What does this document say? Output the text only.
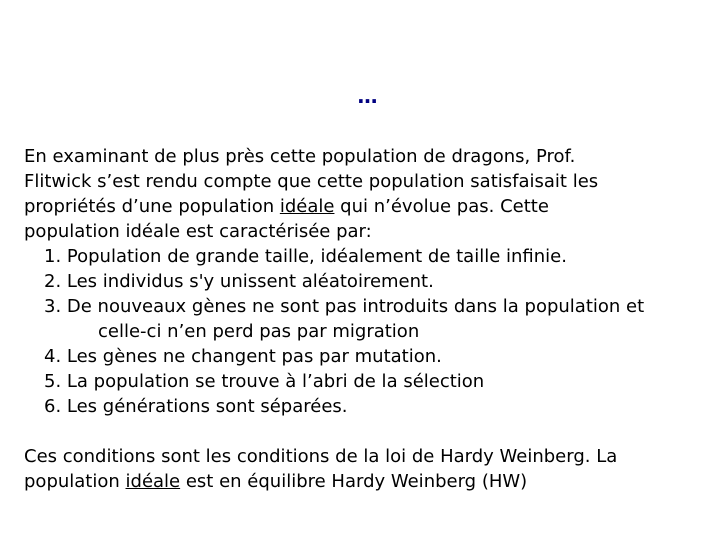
…
En examinant de plus près cette population de dragons, Prof.
Flitwick s’est rendu compte que cette population satisfaisait les
propriétés d’une population idéale qui n’évolue pas. Cette
population idéale est caractérisée par:
1. Population de grande taille, idéalement de taille infinie.
2. Les individus s'y unissent aléatoirement.
3. De nouveaux gènes ne sont pas introduits dans la population et
celle-ci n’en perd pas par migration
4. Les gènes ne changent pas par mutation.
5. La population se trouve à l’abri de la sélection
6. Les générations sont séparées.
Ces conditions sont les conditions de la loi de Hardy Weinberg. La
population idéale est en équilibre Hardy Weinberg (HW)
